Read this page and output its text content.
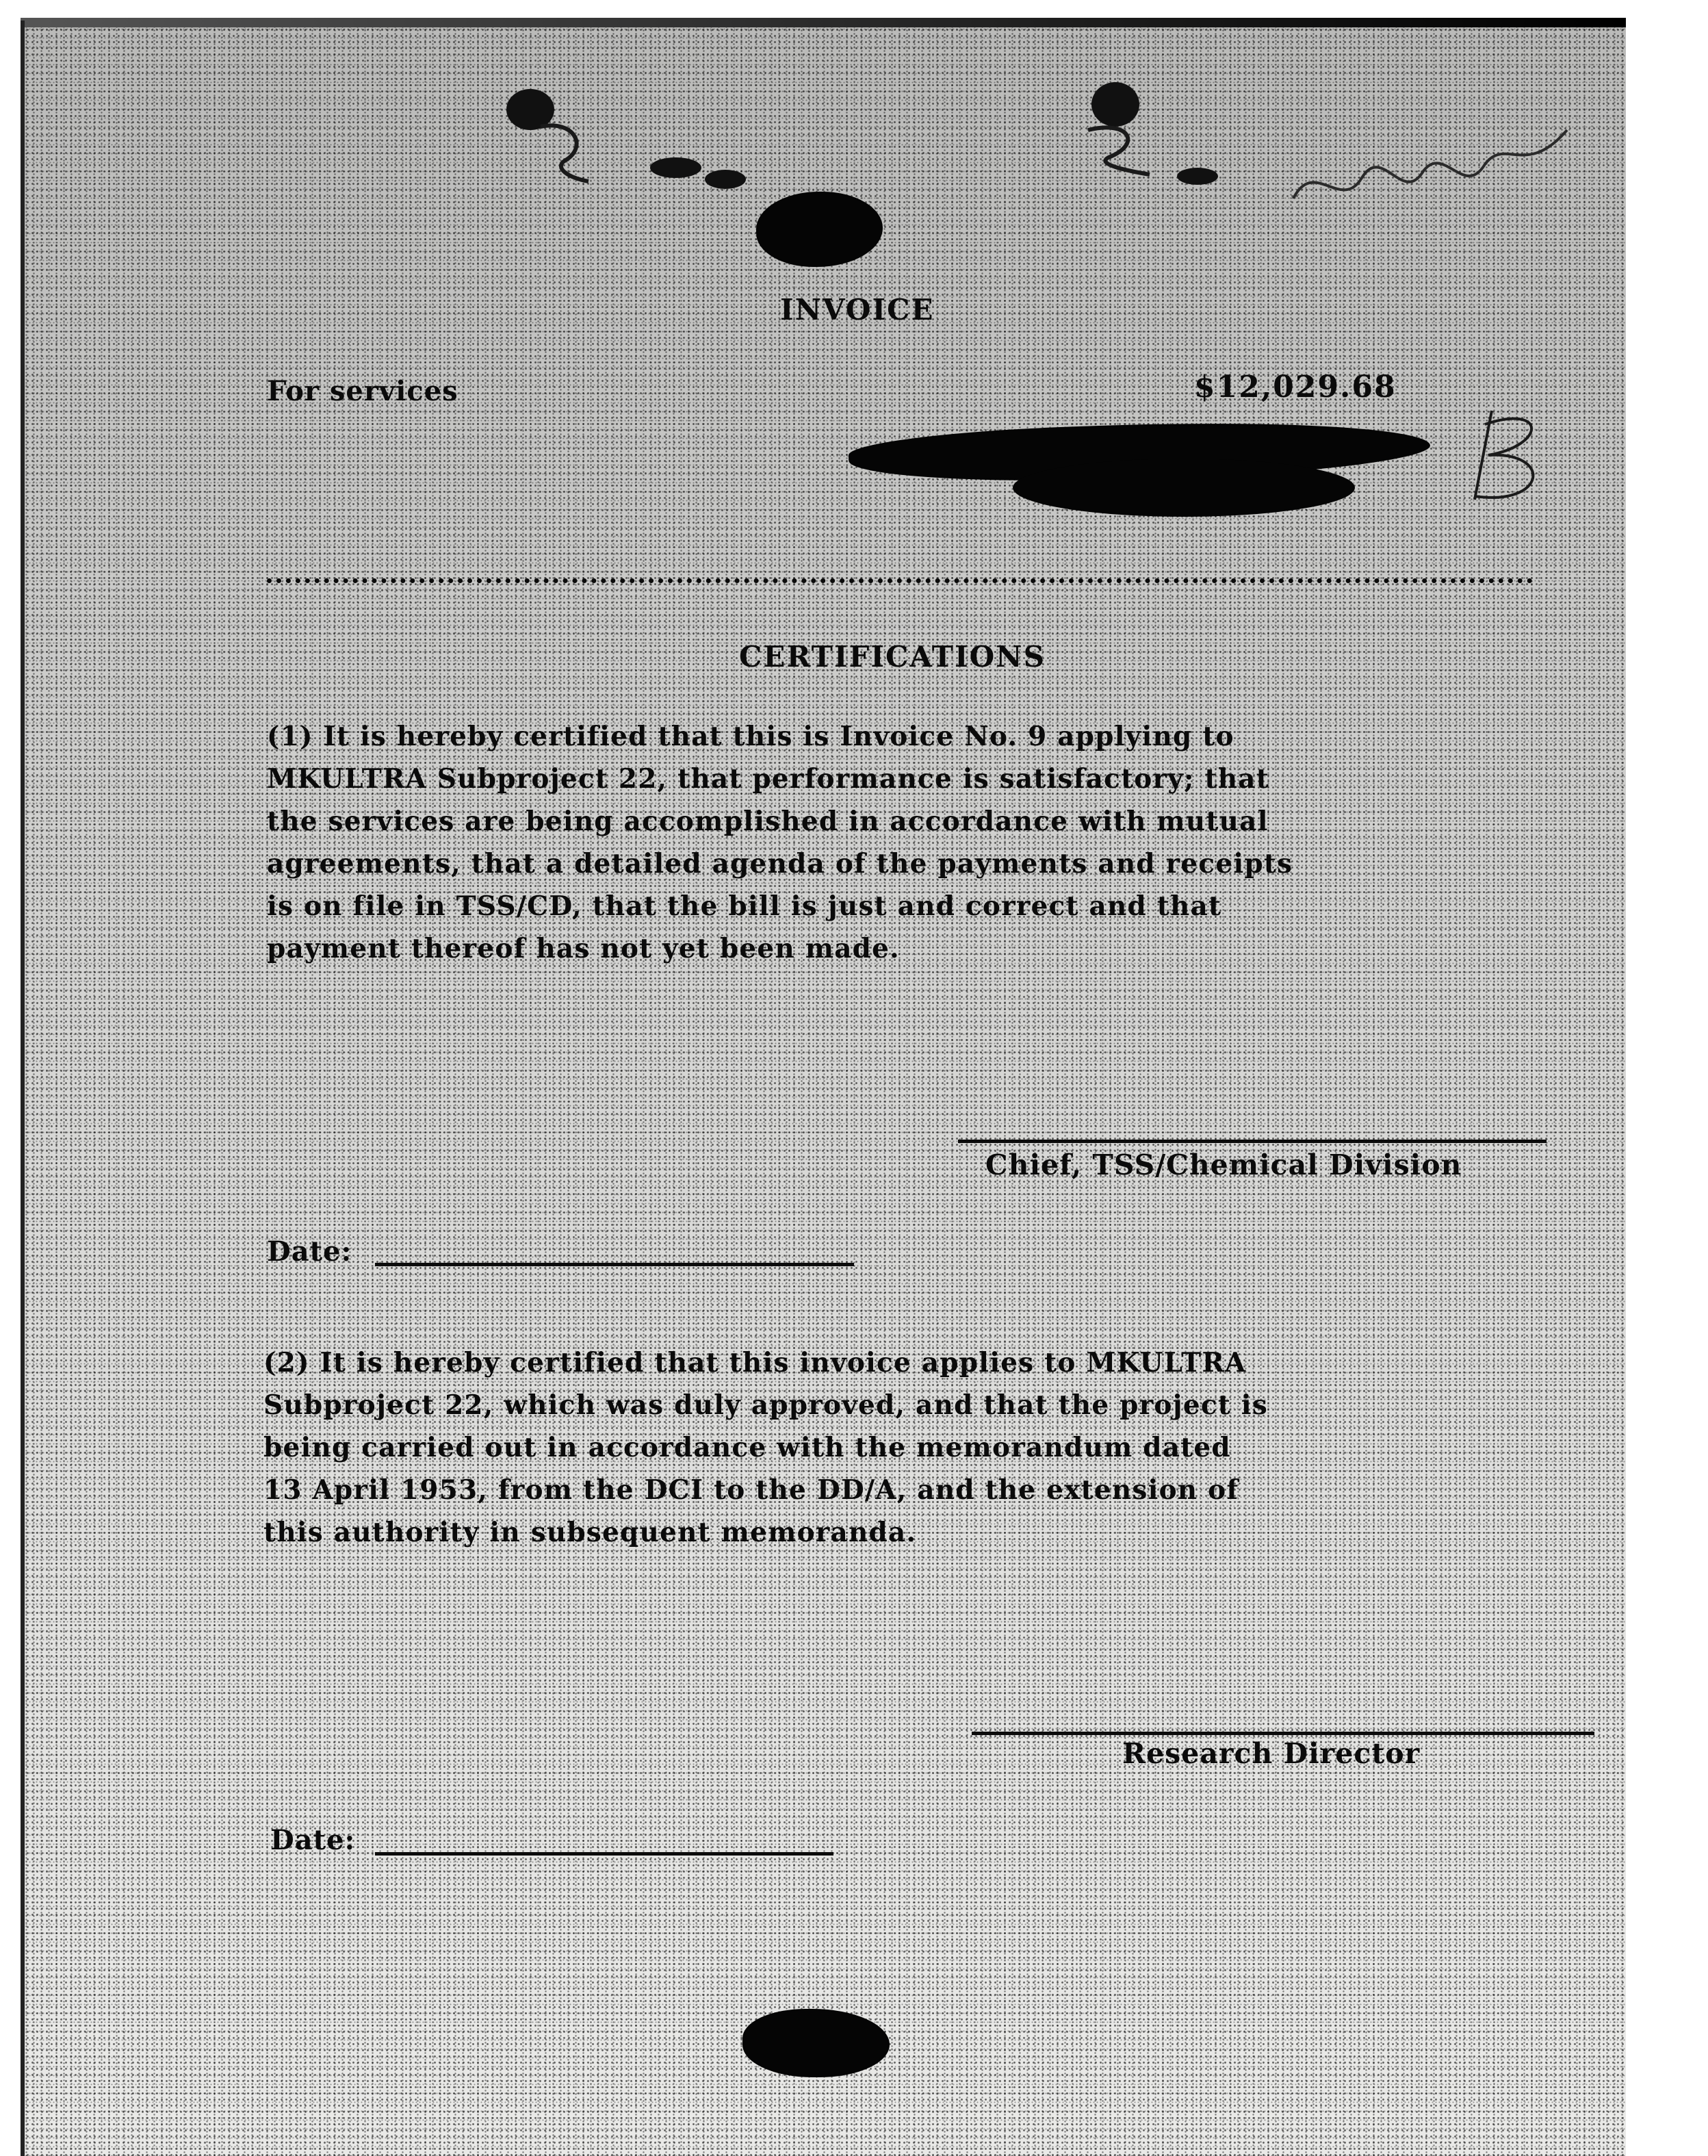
INVOICE
For services	$12,029.68
CERTIFICATIONS
(1) It is hereby certified that this is Invoice No. 9 applying to
MKULTRA Subproject 22, that performance is satisfactory; that
the services are being accomplished in accordance with mutual
agreements, that a detailed agenda of the payments and receipts
is on file in TSS/CD, that the bill is just and correct and that
payment thereof has not yet been made.
Chief, TSS/Chemical Division
Date:
(2) It is hereby certified that this invoice applies to MKULTRA
Subproject 22, which was duly approved, and that the project is
being carried out in accordance with the memorandum dated
13 April 1953, from the DCI to the DD/A, and the extension of
this authority in subsequent memoranda.
Research Director
Date:
